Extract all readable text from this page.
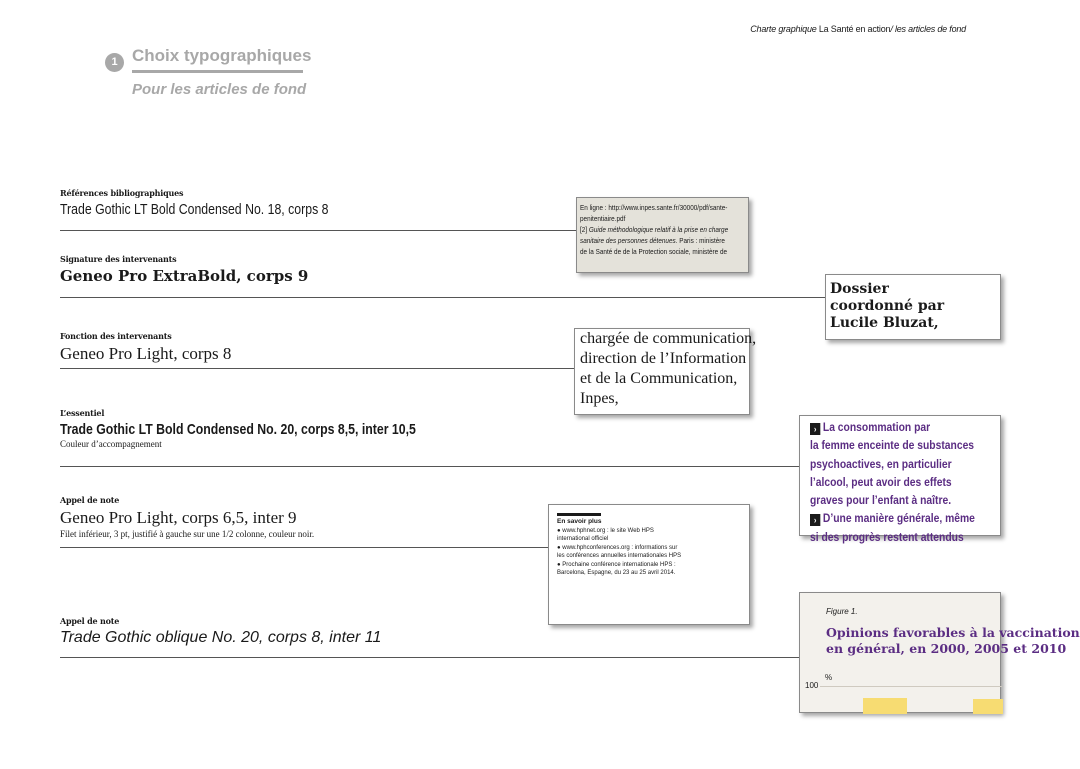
Charte graphique La Santé en action/ les articles de fond
1 Choix typographiques
Pour les articles de fond
Références bibliographiques
Trade Gothic LT Bold Condensed No. 18, corps 8
Signature des intervenants
Geneo Pro ExtraBold, corps 9
Fonction des intervenants
Geneo Pro Light, corps 8
L’essentiel
Trade Gothic LT Bold Condensed No. 20, corps 8,5, inter 10,5
Couleur d’accompagnement
Appel de note
Geneo Pro Light, corps 6,5, inter 9
Filet inférieur, 3 pt, justifié à gauche sur une 1/2 colonne, couleur noir.
Appel de note
Trade Gothic oblique No. 20, corps 8, inter 11

En ligne : http://www.inpes.sante.fr/30000/pdf/sante-
penitentiaire.pdf
[2] Guide méthodologique relatif à la prise en charge
sanitaire des personnes détenues. Paris : ministère
de la Santé de de la Protection sociale, ministère de

Dossier
coordonné par
Lucile Bluzat,
chargée de communication,
direction de l’Information
et de la Communication,
Inpes,
› La consommation par
la femme enceinte de substances
psychoactives, en particulier
l’alcool, peut avoir des effets
graves pour l’enfant à naître.
› D’une manière générale, même
si des progrès restent attendus
En savoir plus
● www.hphnet.org : le site Web HPS
international officiel
● www.hphconferences.org : informations sur
les conférences annuelles internationales HPS
● Prochaine conférence internationale HPS :
Barcelona, Espagne, du 23 au 25 avril 2014.
Figure 1.
Opinions favorables à la vaccination
en général, en 2000, 2005 et 2010
%
100
